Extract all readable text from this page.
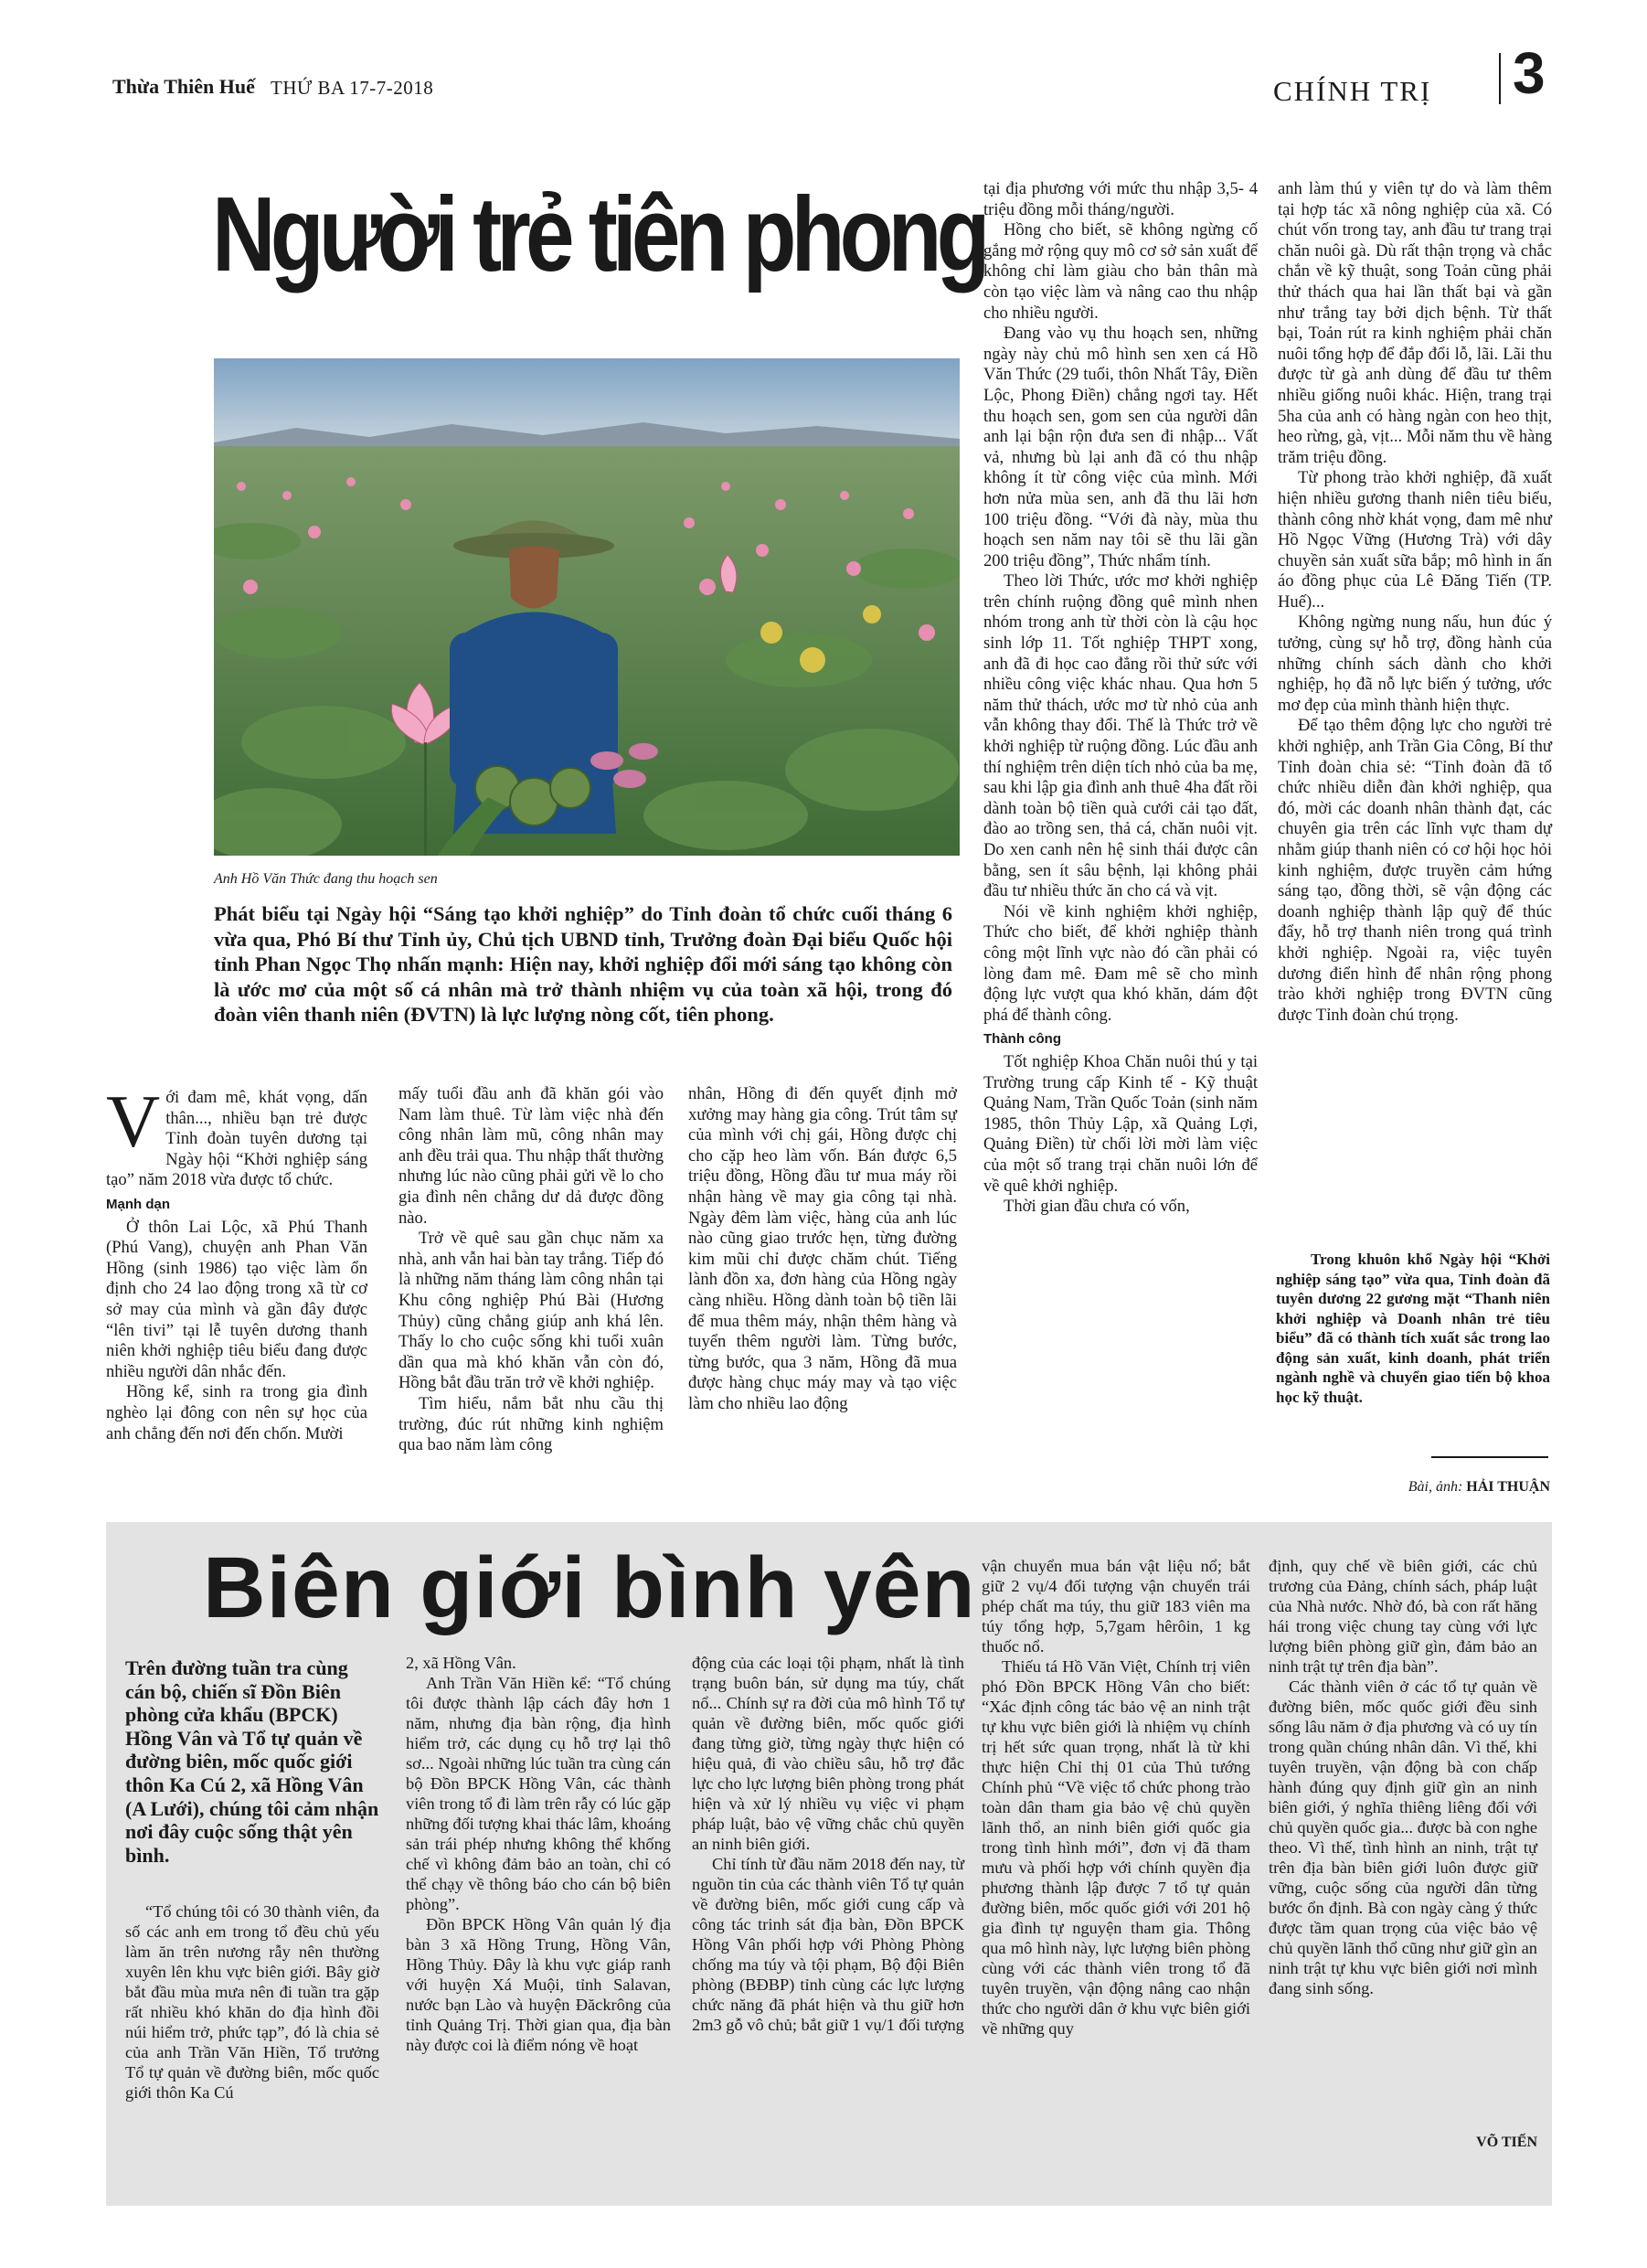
Thừa Thiên Huế THỨ BA 17-7-2018	CHÍNH TRỊ 3
Người trẻ tiên phong
Anh Hồ Văn Thức đang thu hoạch sen
Phát biểu tại Ngày hội “Sáng tạo khởi nghiệp” do Tỉnh đoàn tổ chức cuối tháng 6 vừa qua, Phó Bí thư Tỉnh ủy, Chủ tịch UBND tỉnh, Trưởng đoàn Đại biểu Quốc hội tỉnh Phan Ngọc Thọ nhấn mạnh: Hiện nay, khởi nghiệp đổi mới sáng tạo không còn là ước mơ của một số cá nhân mà trở thành nhiệm vụ của toàn xã hội, trong đó đoàn viên thanh niên (ĐVTN) là lực lượng nòng cốt, tiên phong.
V ới đam mê, khát vọng, dấn thân..., nhiều bạn trẻ được Tỉnh đoàn tuyên dương tại Ngày hội “Khởi nghiệp sáng tạo” năm 2018 vừa được tổ chức.

Mạnh dạn

Ở thôn Lai Lộc, xã Phú Thanh (Phú Vang), chuyện anh Phan Văn Hồng (sinh 1986) tạo việc làm ổn định cho 24 lao động trong xã từ cơ sở may của mình và gần đây được “lên tivi” tại lễ tuyên dương thanh niên khởi nghiệp tiêu biểu đang được nhiều người dân nhắc đến.

Hồng kể, sinh ra trong gia đình nghèo lại đông con nên sự học của anh chẳng đến nơi đến chốn. Mười

mấy tuổi đầu anh đã khăn gói vào Nam làm thuê. Từ làm việc nhà đến công nhân làm mũ, công nhân may anh đều trải qua. Thu nhập thất thường nhưng lúc nào cũng phải gửi về lo cho gia đình nên chẳng dư dả được đồng nào.

Trở về quê sau gần chục năm xa nhà, anh vẫn hai bàn tay trắng. Tiếp đó là những năm tháng làm công nhân tại Khu công nghiệp Phú Bài (Hương Thủy) cũng chẳng giúp anh khá lên. Thấy lo cho cuộc sống khi tuổi xuân dần qua mà khó khăn vẫn còn đó, Hồng bắt đầu trăn trở về khởi nghiệp.

Tìm hiểu, nắm bắt nhu cầu thị trường, đúc rút những kinh nghiệm qua bao năm làm công

nhân, Hồng đi đến quyết định mở xưởng may hàng gia công. Trút tâm sự của mình với chị gái, Hồng được chị cho cặp heo làm vốn. Bán được 6,5 triệu đồng, Hồng đầu tư mua máy rồi nhận hàng về may gia công tại nhà. Ngày đêm làm việc, hàng của anh lúc nào cũng giao trước hẹn, từng đường kim mũi chỉ được chăm chút. Tiếng lành đồn xa, đơn hàng của Hồng ngày càng nhiều. Hồng dành toàn bộ tiền lãi để mua thêm máy, nhận thêm hàng và tuyển thêm người làm. Từng bước, từng bước, qua 3 năm, Hồng đã mua được hàng chục máy may và tạo việc làm cho nhiều lao động

tại địa phương với mức thu nhập 3,5- 4 triệu đồng mỗi tháng/người.

Hồng cho biết, sẽ không ngừng cố gắng mở rộng quy mô cơ sở sản xuất để không chỉ làm giàu cho bản thân mà còn tạo việc làm và nâng cao thu nhập cho nhiều người.

Đang vào vụ thu hoạch sen, những ngày này chủ mô hình sen xen cá Hồ Văn Thức (29 tuổi, thôn Nhất Tây, Điền Lộc, Phong Điền) chẳng ngơi tay. Hết thu hoạch sen, gom sen của người dân anh lại bận rộn đưa sen đi nhập... Vất vả, nhưng bù lại anh đã có thu nhập không ít từ công việc của mình. Mới hơn nửa mùa sen, anh đã thu lãi hơn 100 triệu đồng. “Với đà này, mùa thu hoạch sen năm nay tôi sẽ thu lãi gần 200 triệu đồng”, Thức nhẩm tính.

Theo lời Thức, ước mơ khởi nghiệp trên chính ruộng đồng quê mình nhen nhóm trong anh từ thời còn là cậu học sinh lớp 11. Tốt nghiệp THPT xong, anh đã đi học cao đẳng rồi thử sức với nhiều công việc khác nhau. Qua hơn 5 năm thử thách, ước mơ từ nhỏ của anh vẫn không thay đổi. Thế là Thức trở về khởi nghiệp từ ruộng đồng. Lúc đầu anh thí nghiệm trên diện tích nhỏ của ba mẹ, sau khi lập gia đình anh thuê 4ha đất rồi dành toàn bộ tiền quà cưới cải tạo đất, đào ao trồng sen, thả cá, chăn nuôi vịt. Do xen canh nên hệ sinh thái được cân bằng, sen ít sâu bệnh, lại không phải đầu tư nhiều thức ăn cho cá và vịt.

Nói về kinh nghiệm khởi nghiệp, Thức cho biết, để khởi nghiệp thành công một lĩnh vực nào đó cần phải có lòng đam mê. Đam mê sẽ cho mình động lực vượt qua khó khăn, dám đột phá để thành công.

Thành công

Tốt nghiệp Khoa Chăn nuôi thú y tại Trường trung cấp Kinh tế - Kỹ thuật Quảng Nam, Trần Quốc Toản (sinh năm 1985, thôn Thủy Lập, xã Quảng Lợi, Quảng Điền) từ chối lời mời làm việc của một số trang trại chăn nuôi lớn để về quê khởi nghiệp.

Thời gian đầu chưa có vốn,

anh làm thú y viên tự do và làm thêm tại hợp tác xã nông nghiệp của xã. Có chút vốn trong tay, anh đầu tư trang trại chăn nuôi gà. Dù rất thận trọng và chắc chắn về kỹ thuật, song Toản cũng phải thử thách qua hai lần thất bại và gần như trắng tay bởi dịch bệnh. Từ thất bại, Toản rút ra kinh nghiệm phải chăn nuôi tổng hợp để đắp đổi lỗ, lãi. Lãi thu được từ gà anh dùng để đầu tư thêm nhiều giống nuôi khác. Hiện, trang trại 5ha của anh có hàng ngàn con heo thịt, heo rừng, gà, vịt... Mỗi năm thu về hàng trăm triệu đồng.

Từ phong trào khởi nghiệp, đã xuất hiện nhiều gương thanh niên tiêu biểu, thành công nhờ khát vọng, đam mê như Hồ Ngọc Vững (Hương Trà) với dây chuyền sản xuất sữa bắp; mô hình in ấn áo đồng phục của Lê Đăng Tiến (TP. Huế)...

Không ngừng nung nấu, hun đúc ý tưởng, cùng sự hỗ trợ, đồng hành của những chính sách dành cho khởi nghiệp, họ đã nỗ lực biến ý tưởng, ước mơ đẹp của mình thành hiện thực.

Để tạo thêm động lực cho người trẻ khởi nghiệp, anh Trần Gia Công, Bí thư Tỉnh đoàn chia sẻ: “Tỉnh đoàn đã tổ chức nhiều diễn đàn khởi nghiệp, qua đó, mời các doanh nhân thành đạt, các chuyên gia trên các lĩnh vực tham dự nhằm giúp thanh niên có cơ hội học hỏi kinh nghiệm, được truyền cảm hứng sáng tạo, đồng thời, sẽ vận động các doanh nghiệp thành lập quỹ để thúc đẩy, hỗ trợ thanh niên trong quá trình khởi nghiệp. Ngoài ra, việc tuyên dương điển hình để nhân rộng phong trào khởi nghiệp trong ĐVTN cũng được Tỉnh đoàn chú trọng.

Trong khuôn khổ Ngày hội “Khởi nghiệp sáng tạo” vừa qua, Tỉnh đoàn đã tuyên dương 22 gương mặt “Thanh niên khởi nghiệp và Doanh nhân trẻ tiêu biểu” đã có thành tích xuất sắc trong lao động sản xuất, kinh doanh, phát triển ngành nghề và chuyển giao tiến bộ khoa học kỹ thuật.
Bài, ảnh: HẢI THUẬN
Biên giới bình yên
Trên đường tuần tra cùng cán bộ, chiến sĩ Đồn Biên phòng cửa khẩu (BPCK) Hồng Vân và Tổ tự quản về đường biên, mốc quốc giới thôn Ka Cú 2, xã Hồng Vân (A Lưới), chúng tôi cảm nhận nơi đây cuộc sống thật yên bình.

“Tổ chúng tôi có 30 thành viên, đa số các anh em trong tổ đều chủ yếu làm ăn trên nương rẫy nên thường xuyên lên khu vực biên giới. Bây giờ bắt đầu mùa mưa nên đi tuần tra gặp rất nhiều khó khăn do địa hình đồi núi hiểm trở, phức tạp”, đó là chia sẻ của anh Trần Văn Hiền, Tổ trưởng Tổ tự quản về đường biên, mốc quốc giới thôn Ka Cú

2, xã Hồng Vân.

Anh Trần Văn Hiền kể: “Tổ chúng tôi được thành lập cách đây hơn 1 năm, nhưng địa bàn rộng, địa hình hiểm trở, các dụng cụ hỗ trợ lại thô sơ... Ngoài những lúc tuần tra cùng cán bộ Đồn BPCK Hồng Vân, các thành viên trong tổ đi làm trên rẫy có lúc gặp những đối tượng khai thác lâm, khoáng sản trái phép nhưng không thể khống chế vì không đảm bảo an toàn, chỉ có thể chạy về thông báo cho cán bộ biên phòng”.

Đồn BPCK Hồng Vân quản lý địa bàn 3 xã Hồng Trung, Hồng Vân, Hồng Thủy. Đây là khu vực giáp ranh với huyện Xá Muội, tỉnh Salavan, nước bạn Lào và huyện Đăckrông của tỉnh Quảng Trị. Thời gian qua, địa bàn này được coi là điểm nóng về hoạt

động của các loại tội phạm, nhất là tình trạng buôn bán, sử dụng ma túy, chất nổ... Chính sự ra đời của mô hình Tổ tự quản về đường biên, mốc quốc giới đang từng giờ, từng ngày thực hiện có hiệu quả, đi vào chiều sâu, hỗ trợ đắc lực cho lực lượng biên phòng trong phát hiện và xử lý nhiều vụ việc vi phạm pháp luật, bảo vệ vững chắc chủ quyền an ninh biên giới.

Chỉ tính từ đầu năm 2018 đến nay, từ nguồn tin của các thành viên Tổ tự quản về đường biên, mốc giới cung cấp và công tác trinh sát địa bàn, Đồn BPCK Hồng Vân phối hợp với Phòng Phòng chống ma túy và tội phạm, Bộ đội Biên phòng (BĐBP) tỉnh cùng các lực lượng chức năng đã phát hiện và thu giữ hơn 2m3 gỗ vô chủ; bắt giữ 1 vụ/1 đối tượng

vận chuyển mua bán vật liệu nổ; bắt giữ 2 vụ/4 đối tượng vận chuyển trái phép chất ma túy, thu giữ 183 viên ma túy tổng hợp, 5,7gam hêrôin, 1 kg thuốc nổ.

Thiếu tá Hồ Văn Việt, Chính trị viên phó Đồn BPCK Hồng Vân cho biết: “Xác định công tác bảo vệ an ninh trật tự khu vực biên giới là nhiệm vụ chính trị hết sức quan trọng, nhất là từ khi thực hiện Chỉ thị 01 của Thủ tướng Chính phủ “Về việc tổ chức phong trào toàn dân tham gia bảo vệ chủ quyền lãnh thổ, an ninh biên giới quốc gia trong tình hình mới”, đơn vị đã tham mưu và phối hợp với chính quyền địa phương thành lập được 7 tổ tự quản đường biên, mốc quốc giới với 201 hộ gia đình tự nguyện tham gia. Thông qua mô hình này, lực lượng biên phòng cùng với các thành viên trong tổ đã tuyên truyền, vận động nâng cao nhận thức cho người dân ở khu vực biên giới về những quy

định, quy chế về biên giới, các chủ trương của Đảng, chính sách, pháp luật của Nhà nước. Nhờ đó, bà con rất hăng hái trong việc chung tay cùng với lực lượng biên phòng giữ gìn, đảm bảo an ninh trật tự trên địa bàn”.

Các thành viên ở các tổ tự quản về đường biên, mốc quốc giới đều sinh sống lâu năm ở địa phương và có uy tín trong quần chúng nhân dân. Vì thế, khi tuyên truyền, vận động bà con chấp hành đúng quy định giữ gìn an ninh biên giới, ý nghĩa thiêng liêng đối với chủ quyền quốc gia... được bà con nghe theo. Vì thế, tình hình an ninh, trật tự trên địa bàn biên giới luôn được giữ vững, cuộc sống của người dân từng bước ổn định. Bà con ngày càng ý thức được tầm quan trọng của việc bảo vệ chủ quyền lãnh thổ cũng như giữ gìn an ninh trật tự khu vực biên giới nơi mình đang sinh sống.

VÕ TIẾN
